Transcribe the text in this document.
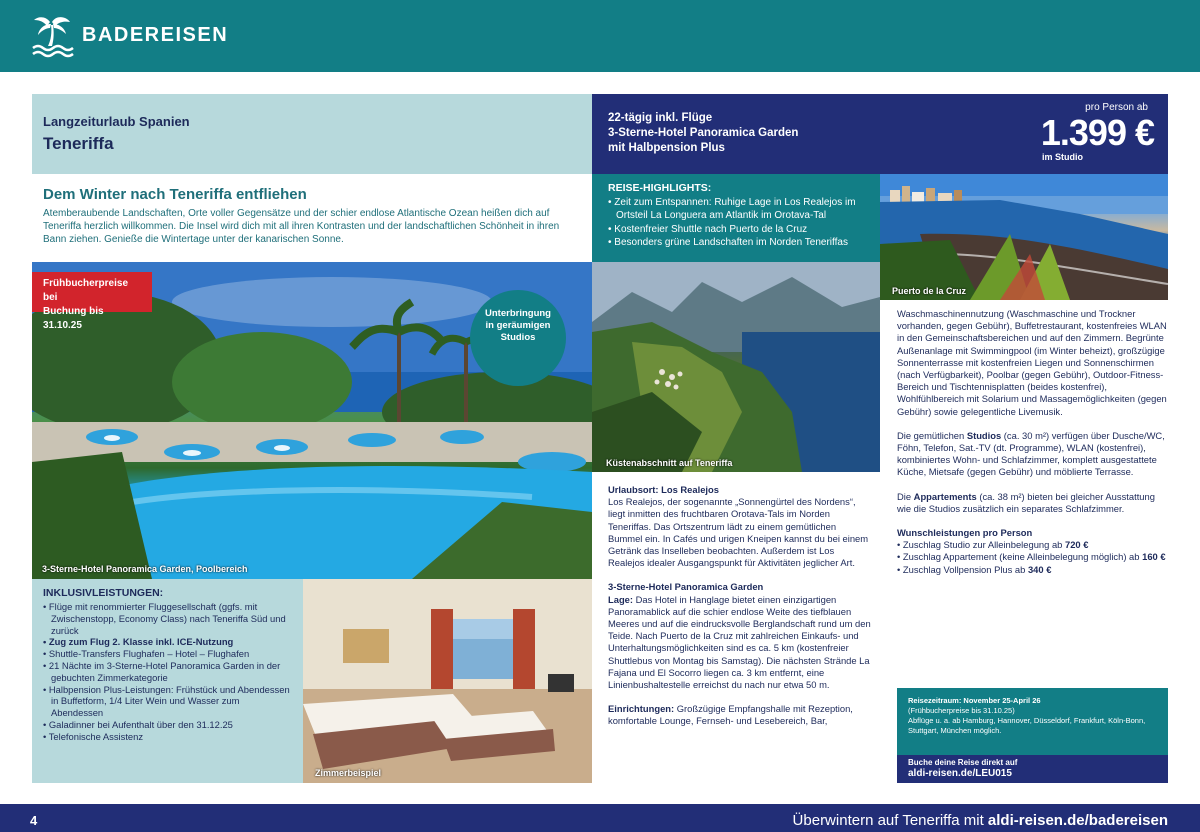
BADEREISEN
Langzeiturlaub Spanien
Teneriffa
22-tägig inkl. Flüge
3-Sterne-Hotel Panoramica Garden
mit Halbpension Plus
pro Person ab
1.399 €
im Studio
Dem Winter nach Teneriffa entfliehen
Atemberaubende Landschaften, Orte voller Gegensätze und der schier endlose Atlantische Ozean heißen dich auf Teneriffa herzlich willkommen. Die Insel wird dich mit all ihren Kontrasten und der landschaftlichen Schönheit in ihren Bann ziehen. Genieße die Wintertage unter der kanarischen Sonne.
REISE-HIGHLIGHTS:
• Zeit zum Entspannen: Ruhige Lage in Los Realejos im
Ortsteil La Longuera am Atlantik im Orotava-Tal
• Kostenfreier Shuttle nach Puerto de la Cruz
• Besonders grüne Landschaften im Norden Teneriffas
Puerto de la Cruz
3-Sterne-Hotel Panoramica Garden, Poolbereich
Frühbucherpreise bei
Buchung bis 31.10.25
Unterbringung
in geräumigen
Studios
Küstenabschnitt auf Teneriffa
INKLUSIVLEISTUNGEN:
• Flüge mit renommierter Fluggesellschaft (ggfs. mit Zwischenstopp, Economy Class) nach Teneriffa Süd und zurück
• Zug zum Flug 2. Klasse inkl. ICE-Nutzung
• Shuttle-Transfers Flughafen – Hotel – Flughafen
• 21 Nächte im 3-Sterne-Hotel Panoramica Garden in der gebuchten Zimmerkategorie
• Halbpension Plus-Leistungen: Frühstück und Abendessen in Buffetform, 1/4 Liter Wein und Wasser zum Abendessen
• Galadinner bei Aufenthalt über den 31.12.25
• Telefonische Assistenz
Zimmerbeispiel
Urlaubsort: Los Realejos
Los Realejos, der sogenannte „Sonnengürtel des Nordens“, liegt inmitten des fruchtbaren Orotava-Tals im Norden Teneriffas. Das Ortszentrum lädt zu einem gemütlichen Bummel ein. In Cafés und urigen Kneipen kannst du bei einem Getränk das Inselleben beobachten. Außerdem ist Los Realejos idealer Ausgangspunkt für Aktivitäten jeglicher Art.
3-Sterne-Hotel Panoramica Garden
Lage: Das Hotel in Hanglage bietet einen einzigartigen Panoramablick auf die schier endlose Weite des tiefblauen Meeres und auf die eindrucksvolle Berglandschaft rund um den Teide. Nach Puerto de la Cruz mit zahlreichen Einkaufs- und Unterhaltungsmöglichkeiten sind es ca. 5 km (kostenfreier Shuttlebus von Montag bis Samstag). Die nächsten Strände La Fajana und El Socorro liegen ca. 3 km entfernt, eine Linienbushaltestelle erreichst du nach nur etwa 50 m.
Einrichtungen: Großzügige Empfangshalle mit Rezeption, komfortable Lounge, Fernseh- und Lesebereich, Bar,
Waschmaschinennutzung (Waschmaschine und Trockner vorhanden, gegen Gebühr), Buffetrestaurant, kostenfreies WLAN in den Gemeinschaftsbereichen und auf den Zimmern. Begrünte Außenanlage mit Swimmingpool (im Winter beheizt), großzügige Sonnenterrasse mit kostenfreien Liegen und Sonnenschirmen (nach Verfügbarkeit), Poolbar (gegen Gebühr), Outdoor-Fitness-Bereich und Tischtennisplatten (beides kostenfrei), Wohlfühlbereich mit Solarium und Massagemöglichkeiten (gegen Gebühr) sowie gelegentliche Livemusik.
Die gemütlichen Studios (ca. 30 m²) verfügen über Dusche/WC, Föhn, Telefon, Sat.-TV (dt. Programme), WLAN (kostenfrei), kombiniertes Wohn- und Schlafzimmer, komplett ausgestattete Küche, Mietsafe (gegen Gebühr) und möblierte Terrasse.
Die Appartements (ca. 38 m²) bieten bei gleicher Ausstattung wie die Studios zusätzlich ein separates Schlafzimmer.
Wunschleistungen pro Person
• Zuschlag Studio zur Alleinbelegung ab 720 €
• Zuschlag Appartement (keine Alleinbelegung möglich) ab 160 €
• Zuschlag Vollpension Plus ab 340 €
Reisezeitraum: November 25-April 26
(Frühbucherpreise bis 31.10.25)
Abflüge u. a. ab Hamburg, Hannover, Düsseldorf, Frankfurt, Köln-Bonn, Stuttgart, München möglich.
Buche deine Reise direkt auf
aldi-reisen.de/LEU015
4	Überwintern auf Teneriffa mit aldi-reisen.de/badereisen
